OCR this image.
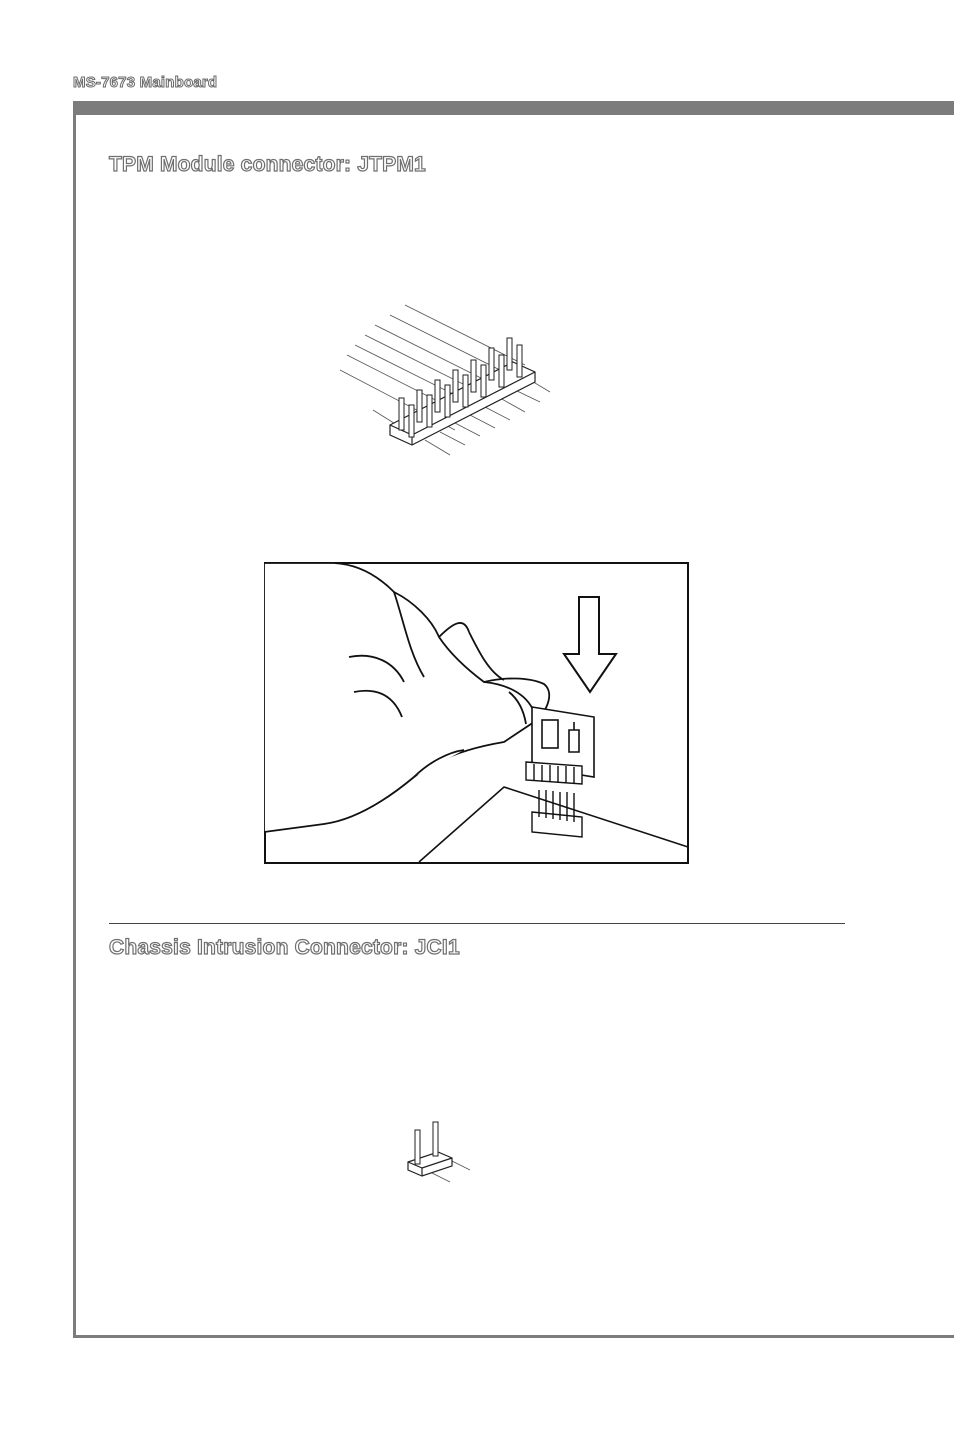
MS-7673 Mainboard
TPM Module connector: JTPM1
Chassis Intrusion Connector: JCI1
